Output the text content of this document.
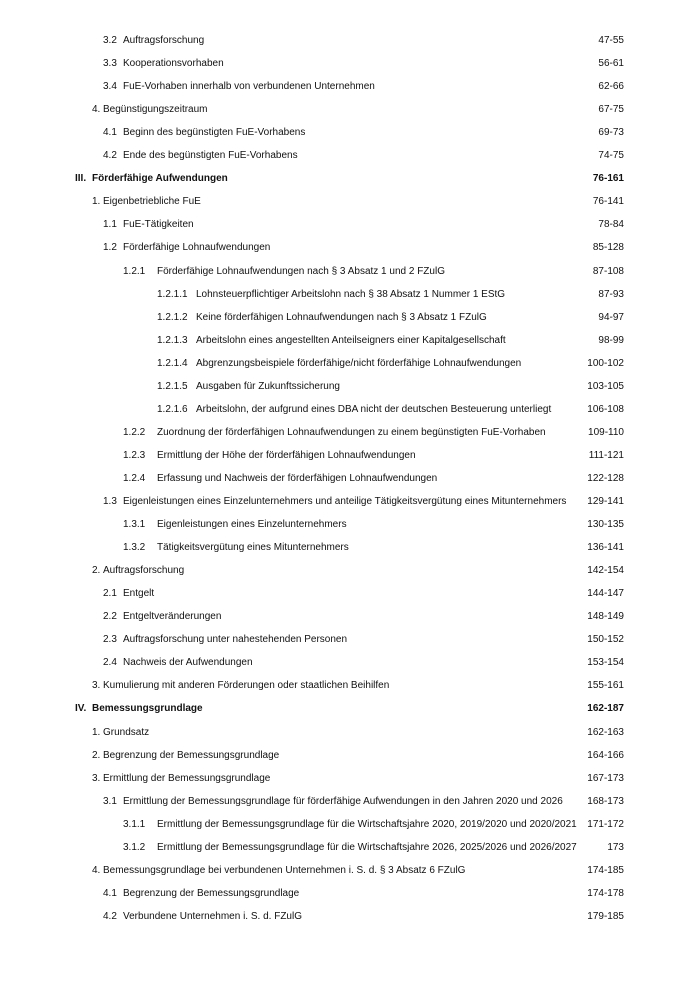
3.2 Auftragsforschung	47-55
3.3 Kooperationsvorhaben	56-61
3.4 FuE-Vorhaben innerhalb von verbundenen Unternehmen	62-66
4. Begünstigungszeitraum	67-75
4.1 Beginn des begünstigten FuE-Vorhabens	69-73
4.2 Ende des begünstigten FuE-Vorhabens	74-75
III. Förderfähige Aufwendungen	76-161
1. Eigenbetriebliche FuE	76-141
1.1 FuE-Tätigkeiten	78-84
1.2 Förderfähige Lohnaufwendungen	85-128
1.2.1 Förderfähige Lohnaufwendungen nach § 3 Absatz 1 und 2 FZulG	87-108
1.2.1.1 Lohnsteuerpflichtiger Arbeitslohn nach § 38 Absatz 1 Nummer 1 EStG	87-93
1.2.1.2 Keine förderfähigen Lohnaufwendungen nach § 3 Absatz 1 FZulG	94-97
1.2.1.3 Arbeitslohn eines angestellten Anteilseigners einer Kapitalgesellschaft	98-99
1.2.1.4 Abgrenzungsbeispiele förderfähige/nicht förderfähige Lohnaufwendungen	100-102
1.2.1.5 Ausgaben für Zukunftssicherung	103-105
1.2.1.6 Arbeitslohn, der aufgrund eines DBA nicht der deutschen Besteuerung unterliegt	106-108
1.2.2 Zuordnung der förderfähigen Lohnaufwendungen zu einem begünstigten FuE-Vorhaben	109-110
1.2.3 Ermittlung der Höhe der förderfähigen Lohnaufwendungen	111-121
1.2.4 Erfassung und Nachweis der förderfähigen Lohnaufwendungen	122-128
1.3 Eigenleistungen eines Einzelunternehmers und anteilige Tätigkeitsvergütung eines Mitunternehmers 129-141
1.3.1 Eigenleistungen eines Einzelunternehmers	130-135
1.3.2 Tätigkeitsvergütung eines Mitunternehmers	136-141
2. Auftragsforschung	142-154
2.1 Entgelt	144-147
2.2 Entgeltveränderungen	148-149
2.3 Auftragsforschung unter nahestehenden Personen	150-152
2.4 Nachweis der Aufwendungen	153-154
3. Kumulierung mit anderen Förderungen oder staatlichen Beihilfen	155-161
IV. Bemessungsgrundlage	162-187
1. Grundsatz	162-163
2. Begrenzung der Bemessungsgrundlage	164-166
3. Ermittlung der Bemessungsgrundlage	167-173
3.1 Ermittlung der Bemessungsgrundlage für förderfähige Aufwendungen in den Jahren 2020 und 2026 168-173
3.1.1 Ermittlung der Bemessungsgrundlage für die Wirtschaftsjahre 2020, 2019/2020 und 2020/2021 171-172
3.1.2 Ermittlung der Bemessungsgrundlage für die Wirtschaftsjahre 2026, 2025/2026 und 2026/2027	173
4. Bemessungsgrundlage bei verbundenen Unternehmen i. S. d. § 3 Absatz 6 FZulG	174-185
4.1 Begrenzung der Bemessungsgrundlage	174-178
4.2 Verbundene Unternehmen i. S. d. FZulG	179-185
